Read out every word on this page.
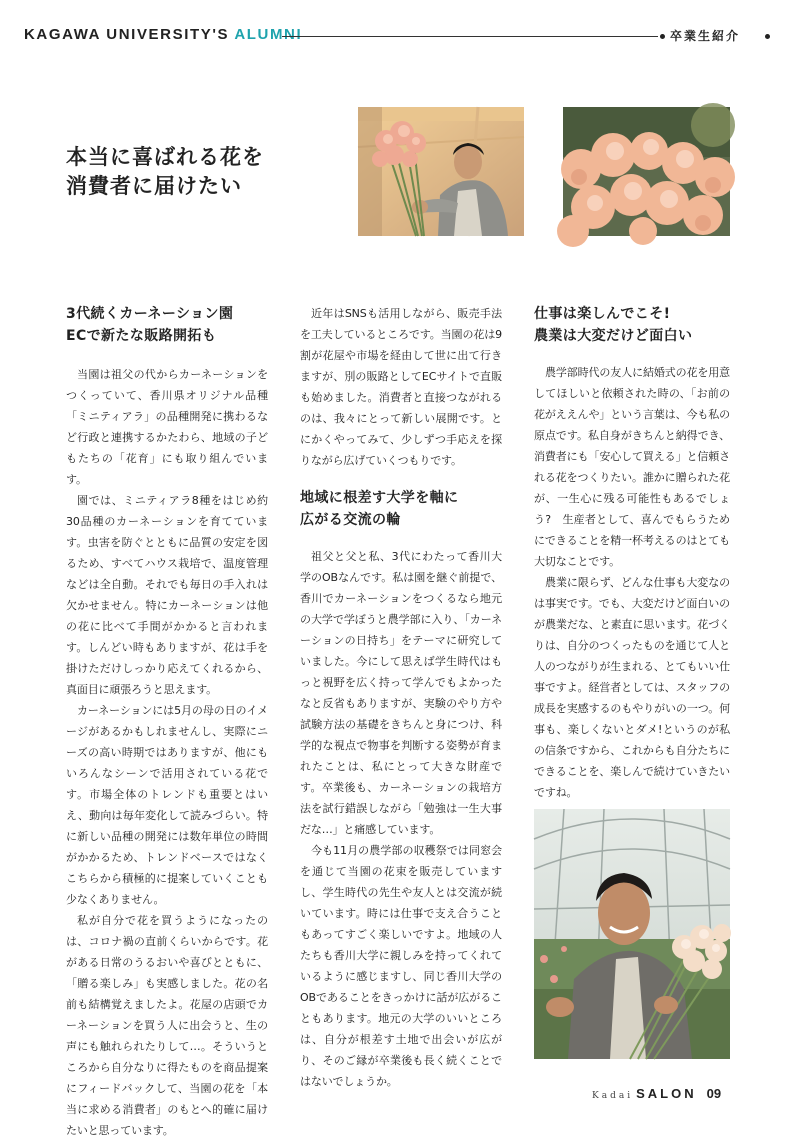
KAGAWA UNIVERSITY'S ALUMNI	卒業生紹介
本当に喜ばれる花を
消費者に届けたい
3代続くカーネーション園
ECで新たな販路開拓も

当園は祖父の代からカーネーションをつくっていて、香川県オリジナル品種「ミニティアラ」の品種開発に携わるなど行政と連携するかたわら、地域の子どもたちの「花育」にも取り組んでいます。

園では、ミニティアラ8種をはじめ約30品種のカーネーションを育てています。虫害を防ぐとともに品質の安定を図るため、すべてハウス栽培で、温度管理などは全自動。それでも毎日の手入れは欠かせません。特にカーネーションは他の花に比べて手間がかかると言われます。しんどい時もありますが、花は手を掛けただけしっかり応えてくれるから、真面目に頑張ろうと思えます。

カーネーションには5月の母の日のイメージがあるかもしれませんし、実際にニーズの高い時期ではありますが、他にもいろんなシーンで活用されている花です。市場全体のトレンドも重要とはいえ、動向は毎年変化して読みづらい。特に新しい品種の開発には数年単位の時間がかかるため、トレンドベースではなくこちらから積極的に提案していくことも少なくありません。

私が自分で花を買うようになったのは、コロナ禍の直前くらいからです。花がある日常のうるおいや喜びとともに、「贈る楽しみ」も実感しました。花の名前も結構覚えましたよ。花屋の店頭でカーネーションを買う人に出会うと、生の声にも触れられたりして…。そういうところから自分なりに得たものを商品提案にフィードバックして、当園の花を「本当に求める消費者」のもとへ的確に届けたいと思っています。

近年はSNSも活用しながら、販売手法を工夫しているところです。当園の花は9割が花屋や市場を経由して世に出て行きますが、別の販路としてECサイトで直販も始めました。消費者と直接つながれるのは、我々にとって新しい展開です。とにかくやってみて、少しずつ手応えを探りながら広げていくつもりです。

地域に根差す大学を軸に
広がる交流の輪

祖父と父と私、3代にわたって香川大学のOBなんです。私は園を継ぐ前提で、香川でカーネーションをつくるなら地元の大学で学ぼうと農学部に入り、「カーネーションの日持ち」をテーマに研究していました。今にして思えば学生時代はもっと視野を広く持って学んでもよかったなと反省もありますが、実験のやり方や試験方法の基礎をきちんと身につけ、科学的な視点で物事を判断する姿勢が育まれたことは、私にとって大きな財産です。卒業後も、カーネーションの栽培方法を試行錯誤しながら「勉強は一生大事だな…」と痛感しています。

今も11月の農学部の収穫祭では同窓会を通じて当園の花束を販売していますし、学生時代の先生や友人とは交流が続いています。時には仕事で支え合うこともあってすごく楽しいですよ。地域の人たちも香川大学に親しみを持ってくれているように感じますし、同じ香川大学のOBであることをきっかけに話が広がることもあります。地元の大学のいいところは、自分が根差す土地で出会いが広がり、そのご縁が卒業後も長く続くことではないでしょうか。

仕事は楽しんでこそ!
農業は大変だけど面白い

農学部時代の友人に結婚式の花を用意してほしいと依頼された時の、「お前の花がええんや」という言葉は、今も私の原点です。私自身がきちんと納得でき、消費者にも「安心して買える」と信頼される花をつくりたい。誰かに贈られた花が、一生心に残る可能性もあるでしょう?　生産者として、喜んでもらうためにできることを精一杯考えるのはとても大切なことです。

農業に限らず、どんな仕事も大変なのは事実です。でも、大変だけど面白いのが農業だな、と素直に思います。花づくりは、自分のつくったものを通じて人と人のつながりが生まれる、とてもいい仕事ですよ。経営者としては、スタッフの成長を実感するのもやりがいの一つ。何事も、楽しくないとダメ!というのが私の信条ですから、これからも自分たちにできることを、楽しんで続けていきたいですね。

Kadai SALON 09
